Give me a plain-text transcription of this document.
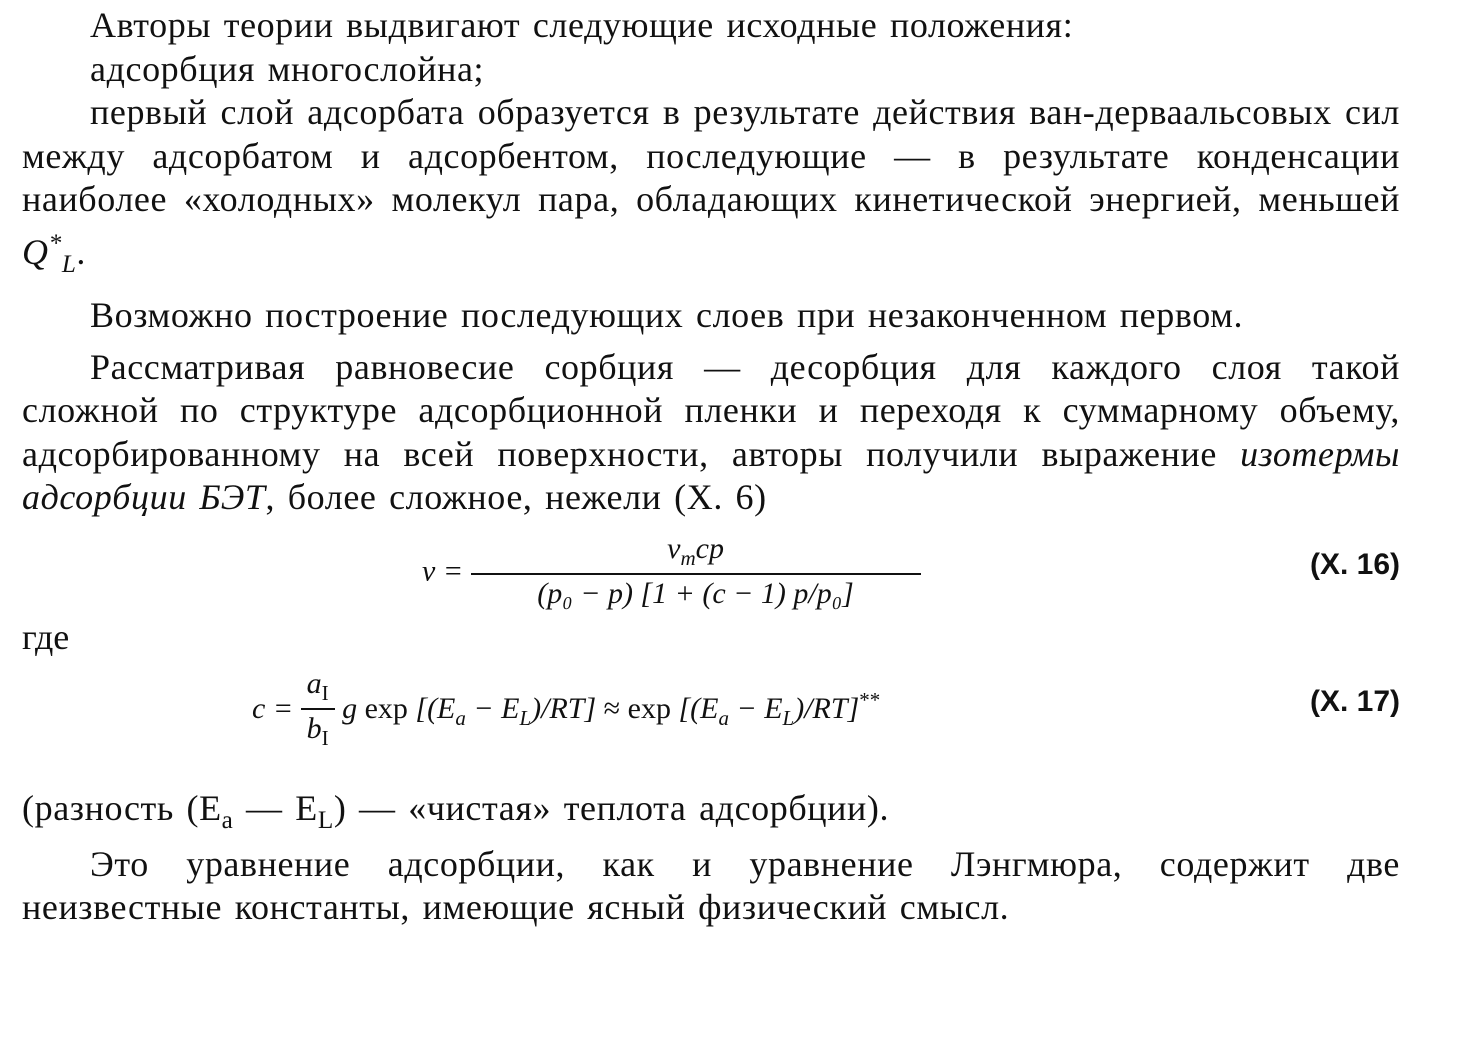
Авторы теории выдвигают следующие исходные положения:

адсорбция многослойна;

первый слой адсорбата образуется в результате действия ван-дерваальсовых сил между адсорбатом и адсорбентом, последующие — в результате конденсации наиболее «холодных» молекул пара, обладающих кинетической энергией, меньшей $Q^*_L$.

Возможно построение последующих слоев при незаконченном первом.

Рассматривая равновесие сорбция — десорбция для каждого слоя такой сложной по структуре адсорбционной пленки и переходя к суммарному объему, адсорбированному на всей поверхности, авторы получили выражение изотермы адсорбции БЭТ, более сложное, нежели (X. 6)

$v = \frac{v_mcp}{\text{(p₀ − p) [1 + (c − 1) p/p₀]}}$	(X. 16)

где

$c = \frac{a_I}{b_I}$ g $\exp [(E_a - E_L)/RT] \approx \exp [(E_a - E_L)/RT]^{**}$	(X. 17)

(разность ($E_a$ — $E_L$) — «чистая» теплота адсорбции).

Это уравнение адсорбции, как и уравнение Лэнгмюра, содержит две неизвестные константы, имеющие ясный физический смысл.
